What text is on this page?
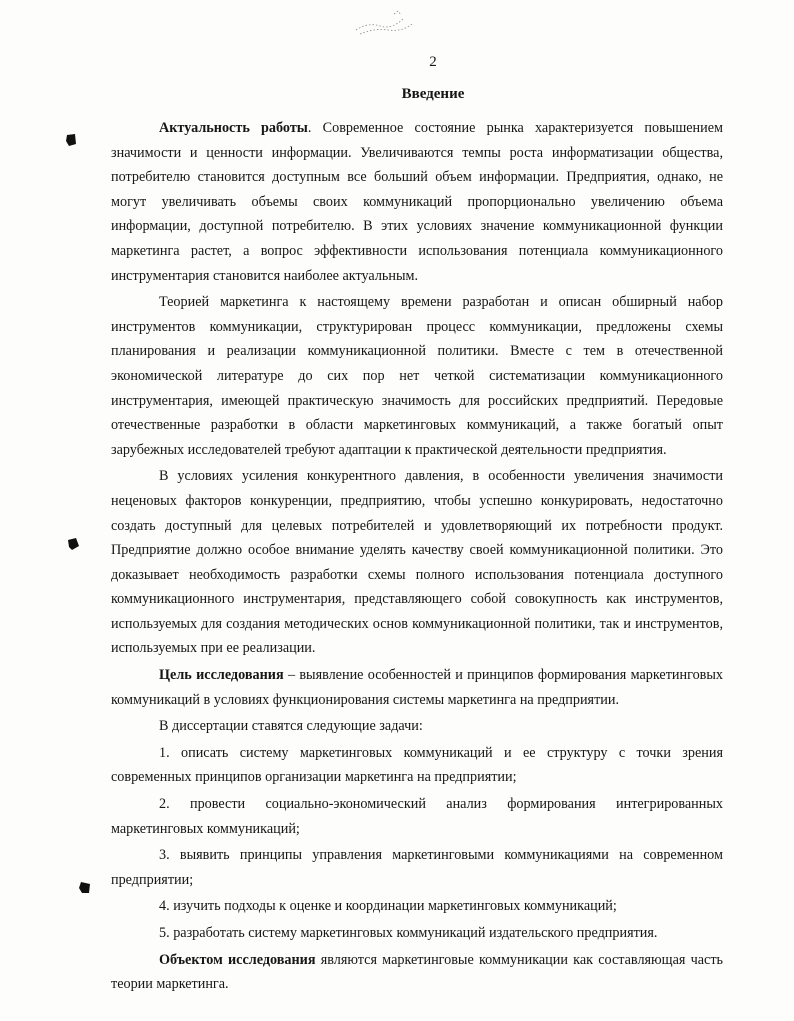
2
Введение

Актуальность работы. Современное состояние рынка характеризуется повышением значимости и ценности информации. Увеличиваются темпы роста информатизации общества, потребителю становится доступным все больший объем информации. Предприятия, однако, не могут увеличивать объемы своих коммуникаций пропорционально увеличению объема информации, доступной потребителю. В этих условиях значение коммуникационной функции маркетинга растет, а вопрос эффективности использования потенциала коммуникационного инструментария становится наиболее актуальным.

Теорией маркетинга к настоящему времени разработан и описан обширный набор инструментов коммуникации, структурирован процесс коммуникации, предложены схемы планирования и реализации коммуникационной политики. Вместе с тем в отечественной экономической литературе до сих пор нет четкой систематизации коммуникационного инструментария, имеющей практическую значимость для российских предприятий. Передовые отечественные разработки в области маркетинговых коммуникаций, а также богатый опыт зарубежных исследователей требуют адаптации к практической деятельности предприятия.

В условиях усиления конкурентного давления, в особенности увеличения значимости неценовых факторов конкуренции, предприятию, чтобы успешно конкурировать, недостаточно создать доступный для целевых потребителей и удовлетворяющий их потребности продукт. Предприятие должно особое внимание уделять качеству своей коммуникационной политики. Это доказывает необходимость разработки схемы полного использования потенциала доступного коммуникационного инструментария, представляющего собой совокупность как инструментов, используемых для создания методических основ коммуникационной политики, так и инструментов, используемых при ее реализации.

Цель исследования – выявление особенностей и принципов формирования маркетинговых коммуникаций в условиях функционирования системы маркетинга на предприятии.

В диссертации ставятся следующие задачи:

1. описать систему маркетинговых коммуникаций и ее структуру с точки зрения современных принципов организации маркетинга на предприятии;

2. провести социально-экономический анализ формирования интегрированных маркетинговых коммуникаций;

3. выявить принципы управления маркетинговыми коммуникациями на современном предприятии;

4. изучить подходы к оценке и координации маркетинговых коммуникаций;

5. разработать систему маркетинговых коммуникаций издательского предприятия.

Объектом исследования являются маркетинговые коммуникации как составляющая часть теории маркетинга.
